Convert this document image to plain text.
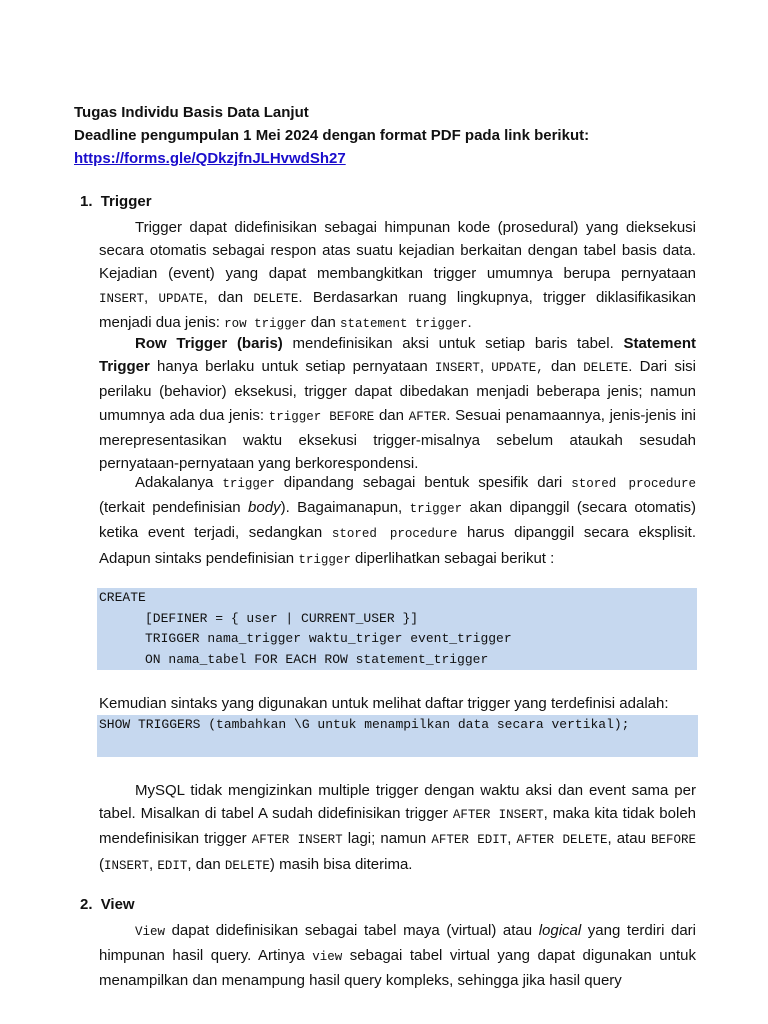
Tugas Individu Basis Data Lanjut
Deadline pengumpulan 1 Mei 2024 dengan format PDF pada link berikut:
https://forms.gle/QDkzjfnJLHvwdSh27
1. Trigger
Trigger dapat didefinisikan sebagai himpunan kode (prosedural) yang dieksekusi secara otomatis sebagai respon atas suatu kejadian berkaitan dengan tabel basis data. Kejadian (event) yang dapat membangkitkan trigger umumnya berupa pernyataan INSERT, UPDATE, dan DELETE. Berdasarkan ruang lingkupnya, trigger diklasifikasikan menjadi dua jenis: row trigger dan statement trigger.
Row Trigger (baris) mendefinisikan aksi untuk setiap baris tabel. Statement Trigger hanya berlaku untuk setiap pernyataan INSERT, UPDATE, dan DELETE. Dari sisi perilaku (behavior) eksekusi, trigger dapat dibedakan menjadi beberapa jenis; namun umumnya ada dua jenis: trigger BEFORE dan AFTER. Sesuai penamaannya, jenis-jenis ini merepresentasikan waktu eksekusi trigger-misalnya sebelum ataukah sesudah pernyataan-pernyataan yang berkorespondensi.
Adakalanya trigger dipandang sebagai bentuk spesifik dari stored procedure (terkait pendefinisian body). Bagaimanapun, trigger akan dipanggil (secara otomatis) ketika event terjadi, sedangkan stored procedure harus dipanggil secara eksplisit. Adapun sintaks pendefinisian trigger diperlihatkan sebagai berikut :
CREATE
[DEFINER = { user | CURRENT_USER }]
TRIGGER nama_trigger waktu_triger event_trigger
ON nama_tabel FOR EACH ROW statement_trigger
Kemudian sintaks yang digunakan untuk melihat daftar trigger yang terdefinisi adalah:
SHOW TRIGGERS (tambahkan \G untuk menampilkan data secara vertikal);
MySQL tidak mengizinkan multiple trigger dengan waktu aksi dan event sama per tabel. Misalkan di tabel A sudah didefinisikan trigger AFTER INSERT, maka kita tidak boleh mendefinisikan trigger AFTER INSERT lagi; namun AFTER EDIT, AFTER DELETE, atau BEFORE (INSERT, EDIT, dan DELETE) masih bisa diterima.
2. View
View dapat didefinisikan sebagai tabel maya (virtual) atau logical yang terdiri dari himpunan hasil query. Artinya view sebagai tabel virtual yang dapat digunakan untuk menampilkan dan menampung hasil query kompleks, sehingga jika hasil query
